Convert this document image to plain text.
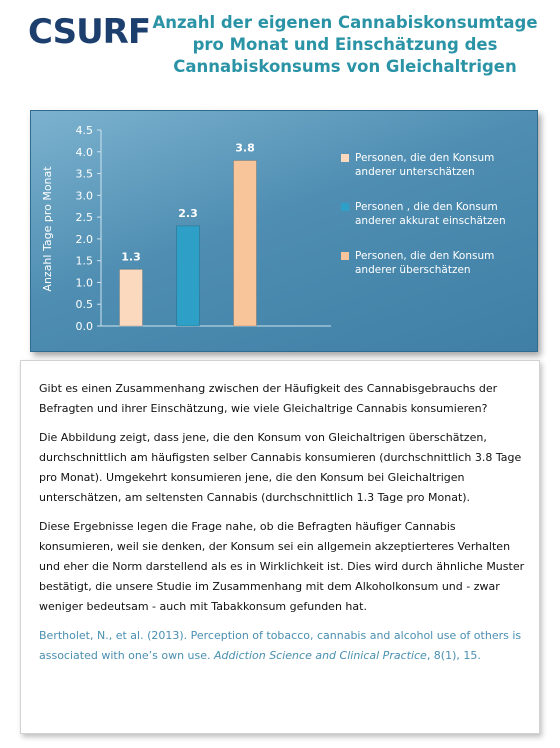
CSURF Anzahl der eigenen Cannabiskonsumtage pro Monat und Einschätzung des Cannabiskonsums von Gleichaltrigen
0.0
0.5
1.0
1.5
2.0
2.5
3.0
3.5
4.0
4.5
1.3
2.3
3.8
Anzahl Tage pro Monat
Personen, die den Konsum anderer unterschätzen
Personen , die den Konsum anderer akkurat einschätzen
Personen, die den Konsum anderer überschätzen

Gibt es einen Zusammenhang zwischen der Häufigkeit des Cannabisgebrauchs der Befragten und ihrer Einschätzung, wie viele Gleichaltrige Cannabis konsumieren?

Die Abbildung zeigt, dass jene, die den Konsum von Gleichaltrigen überschätzen, durchschnittlich am häufigsten selber Cannabis konsumieren (durchschnittlich 3.8 Tage pro Monat). Umgekehrt konsumieren jene, die den Konsum bei Gleichaltrigen unterschätzen, am seltensten Cannabis (durchschnittlich 1.3 Tage pro Monat).

Diese Ergebnisse legen die Frage nahe, ob die Befragten häufiger Cannabis konsumieren, weil sie denken, der Konsum sei ein allgemein akzeptierteres Verhalten und eher die Norm darstellend als es in Wirklichkeit ist. Dies wird durch ähnliche Muster bestätigt, die unsere Studie im Zusammenhang mit dem Alkoholkonsum und - zwar weniger bedeutsam - auch mit Tabakkonsum gefunden hat.

Bertholet, N., et al. (2013). Perception of tobacco, cannabis and alcohol use of others is associated with one’s own use. Addiction Science and Clinical Practice, 8(1), 15.
